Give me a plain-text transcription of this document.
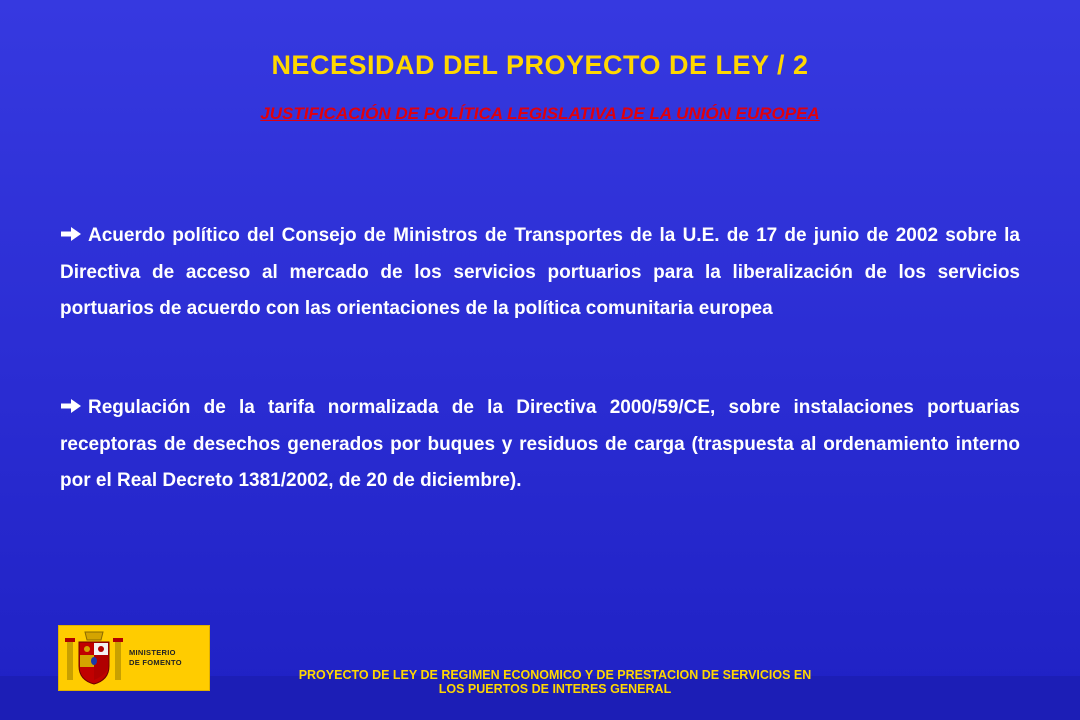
NECESIDAD DEL PROYECTO DE LEY / 2
JUSTIFICACIÓN DE POLÍTICA LEGISLATIVA DE LA UNIÓN EUROPEA

Acuerdo político del Consejo de Ministros de Transportes de la U.E. de 17 de junio de 2002 sobre la Directiva de acceso al mercado de los servicios portuarios para la liberalización de los servicios portuarios de acuerdo con las orientaciones de la política comunitaria europea

Regulación de la tarifa normalizada de la Directiva 2000/59/CE, sobre instalaciones portuarias receptoras de desechos generados por buques y residuos de carga (traspuesta al ordenamiento interno por el Real Decreto 1381/2002, de 20 de diciembre).

MINISTERIO
DE FOMENTO
PROYECTO DE LEY DE REGIMEN ECONOMICO Y DE PRESTACION DE SERVICIOS EN
LOS PUERTOS DE INTERES GENERAL
